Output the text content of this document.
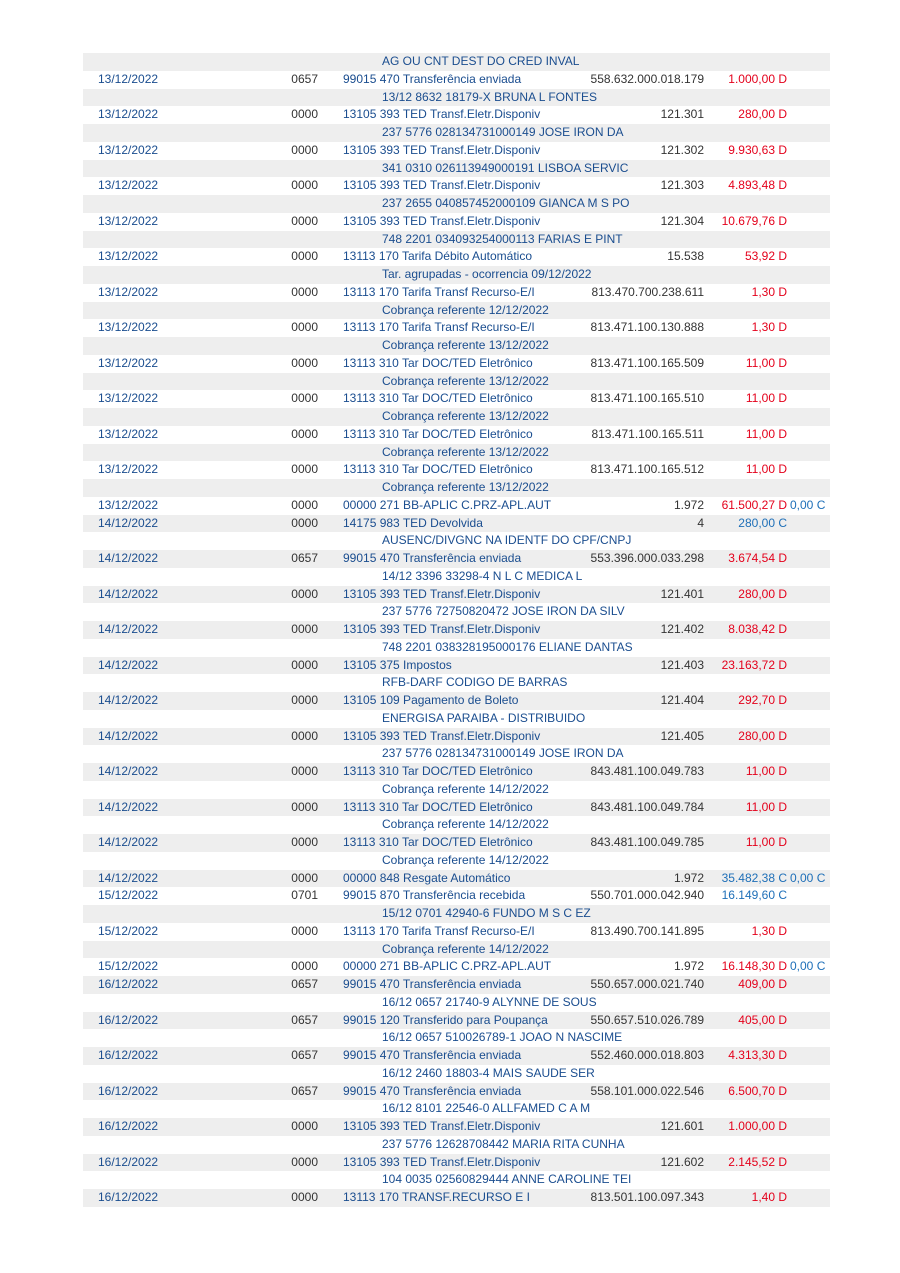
AG OU CNT DEST DO CRED INVAL
13/12/2022	0657 99015 470 Transferência enviada	558.632.000.018.179	1.000,00 D
13/12 8632 18179-X BRUNA L FONTES
13/12/2022	0000 13105 393 TED Transf.Eletr.Disponiv	121.301	280,00 D
237 5776 028134731000149 JOSE IRON DA
13/12/2022	0000 13105 393 TED Transf.Eletr.Disponiv	121.302	9.930,63 D
341 0310 026113949000191 LISBOA SERVIC
13/12/2022	0000 13105 393 TED Transf.Eletr.Disponiv	121.303	4.893,48 D
237 2655 040857452000109 GIANCA M S PO
13/12/2022	0000 13105 393 TED Transf.Eletr.Disponiv	121.304	10.679,76 D
748 2201 034093254000113 FARIAS E PINT
13/12/2022	0000 13113 170 Tarifa Débito Automático	15.538	53,92 D
Tar. agrupadas - ocorrencia 09/12/2022
13/12/2022	0000 13113 170 Tarifa Transf Recurso-E/I	813.470.700.238.611	1,30 D
Cobrança referente 12/12/2022
13/12/2022	0000 13113 170 Tarifa Transf Recurso-E/I	813.471.100.130.888	1,30 D
Cobrança referente 13/12/2022
13/12/2022	0000 13113 310 Tar DOC/TED Eletrônico	813.471.100.165.509	11,00 D
Cobrança referente 13/12/2022
13/12/2022	0000 13113 310 Tar DOC/TED Eletrônico	813.471.100.165.510	11,00 D
Cobrança referente 13/12/2022
13/12/2022	0000 13113 310 Tar DOC/TED Eletrônico	813.471.100.165.511	11,00 D
Cobrança referente 13/12/2022
13/12/2022	0000 13113 310 Tar DOC/TED Eletrônico	813.471.100.165.512	11,00 D
Cobrança referente 13/12/2022
13/12/2022	0000 00000 271 BB-APLIC C.PRZ-APL.AUT	1.972	61.500,27 D 0,00 C
14/12/2022	0000 14175 983 TED Devolvida	4	280,00 C
AUSENC/DIVGNC NA IDENTF DO CPF/CNPJ
14/12/2022	0657 99015 470 Transferência enviada	553.396.000.033.298	3.674,54 D
14/12 3396 33298-4 N L C MEDICA L
14/12/2022	0000 13105 393 TED Transf.Eletr.Disponiv	121.401	280,00 D
237 5776 72750820472 JOSE IRON DA SILV
14/12/2022	0000 13105 393 TED Transf.Eletr.Disponiv	121.402	8.038,42 D
748 2201 038328195000176 ELIANE DANTAS
14/12/2022	0000 13105 375 Impostos	121.403	23.163,72 D
RFB-DARF CODIGO DE BARRAS
14/12/2022	0000 13105 109 Pagamento de Boleto	121.404	292,70 D
ENERGISA PARAIBA - DISTRIBUIDO
14/12/2022	0000 13105 393 TED Transf.Eletr.Disponiv	121.405	280,00 D
237 5776 028134731000149 JOSE IRON DA
14/12/2022	0000 13113 310 Tar DOC/TED Eletrônico	843.481.100.049.783	11,00 D
Cobrança referente 14/12/2022
14/12/2022	0000 13113 310 Tar DOC/TED Eletrônico	843.481.100.049.784	11,00 D
Cobrança referente 14/12/2022
14/12/2022	0000 13113 310 Tar DOC/TED Eletrônico	843.481.100.049.785	11,00 D
Cobrança referente 14/12/2022
14/12/2022	0000 00000 848 Resgate Automático	1.972	35.482,38 C 0,00 C
15/12/2022	0701 99015 870 Transferência recebida	550.701.000.042.940	16.149,60 C
15/12 0701 42940-6 FUNDO M S C EZ
15/12/2022	0000 13113 170 Tarifa Transf Recurso-E/I	813.490.700.141.895	1,30 D
Cobrança referente 14/12/2022
15/12/2022	0000 00000 271 BB-APLIC C.PRZ-APL.AUT	1.972	16.148,30 D 0,00 C
16/12/2022	0657 99015 470 Transferência enviada	550.657.000.021.740	409,00 D
16/12 0657 21740-9 ALYNNE DE SOUS
16/12/2022	0657 99015 120 Transferido para Poupança	550.657.510.026.789	405,00 D
16/12 0657 510026789-1 JOAO N NASCIME
16/12/2022	0657 99015 470 Transferência enviada	552.460.000.018.803	4.313,30 D
16/12 2460 18803-4 MAIS SAUDE SER
16/12/2022	0657 99015 470 Transferência enviada	558.101.000.022.546	6.500,70 D
16/12 8101 22546-0 ALLFAMED C A M
16/12/2022	0000 13105 393 TED Transf.Eletr.Disponiv	121.601	1.000,00 D
237 5776 12628708442 MARIA RITA CUNHA
16/12/2022	0000 13105 393 TED Transf.Eletr.Disponiv	121.602	2.145,52 D
104 0035 02560829444 ANNE CAROLINE TEI
16/12/2022	0000 13113 170 TRANSF.RECURSO E I	813.501.100.097.343	1,40 D
